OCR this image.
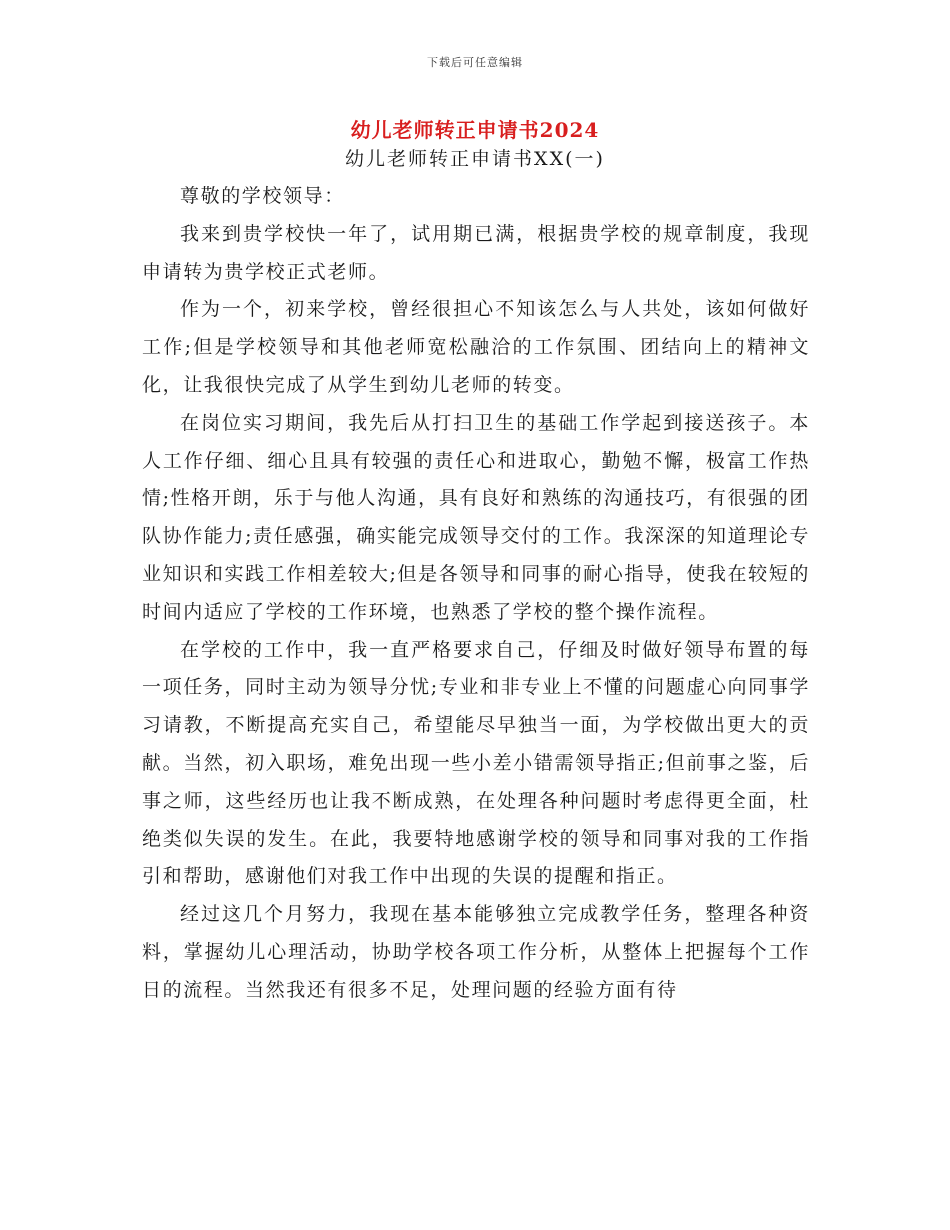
下载后可任意编辑
幼儿老师转正申请书2024
幼儿老师转正申请书XX(一)

尊敬的学校领导：

我来到贵学校快一年了，试用期已满，根据贵学校的规章制度，我现申请转为贵学校正式老师。

作为一个，初来学校，曾经很担心不知该怎么与人共处，该如何做好工作;但是学校领导和其他老师宽松融洽的工作氛围、团结向上的精神文化，让我很快完成了从学生到幼儿老师的转变。

在岗位实习期间，我先后从打扫卫生的基础工作学起到接送孩子。本人工作仔细、细心且具有较强的责任心和进取心，勤勉不懈，极富工作热情;性格开朗，乐于与他人沟通，具有良好和熟练的沟通技巧，有很强的团队协作能力;责任感强，确实能完成领导交付的工作。我深深的知道理论专业知识和实践工作相差较大;但是各领导和同事的耐心指导，使我在较短的时间内适应了学校的工作环境，也熟悉了学校的整个操作流程。

在学校的工作中，我一直严格要求自己，仔细及时做好领导布置的每一项任务，同时主动为领导分忧;专业和非专业上不懂的问题虚心向同事学习请教，不断提高充实自己，希望能尽早独当一面，为学校做出更大的贡献。当然，初入职场，难免出现一些小差小错需领导指正;但前事之鉴，后事之师，这些经历也让我不断成熟，在处理各种问题时考虑得更全面，杜绝类似失误的发生。在此，我要特地感谢学校的领导和同事对我的工作指引和帮助，感谢他们对我工作中出现的失误的提醒和指正。

经过这几个月努力，我现在基本能够独立完成教学任务，整理各种资料，掌握幼儿心理活动，协助学校各项工作分析，从整体上把握每个工作日的流程。当然我还有很多不足，处理问题的经验方面有待
